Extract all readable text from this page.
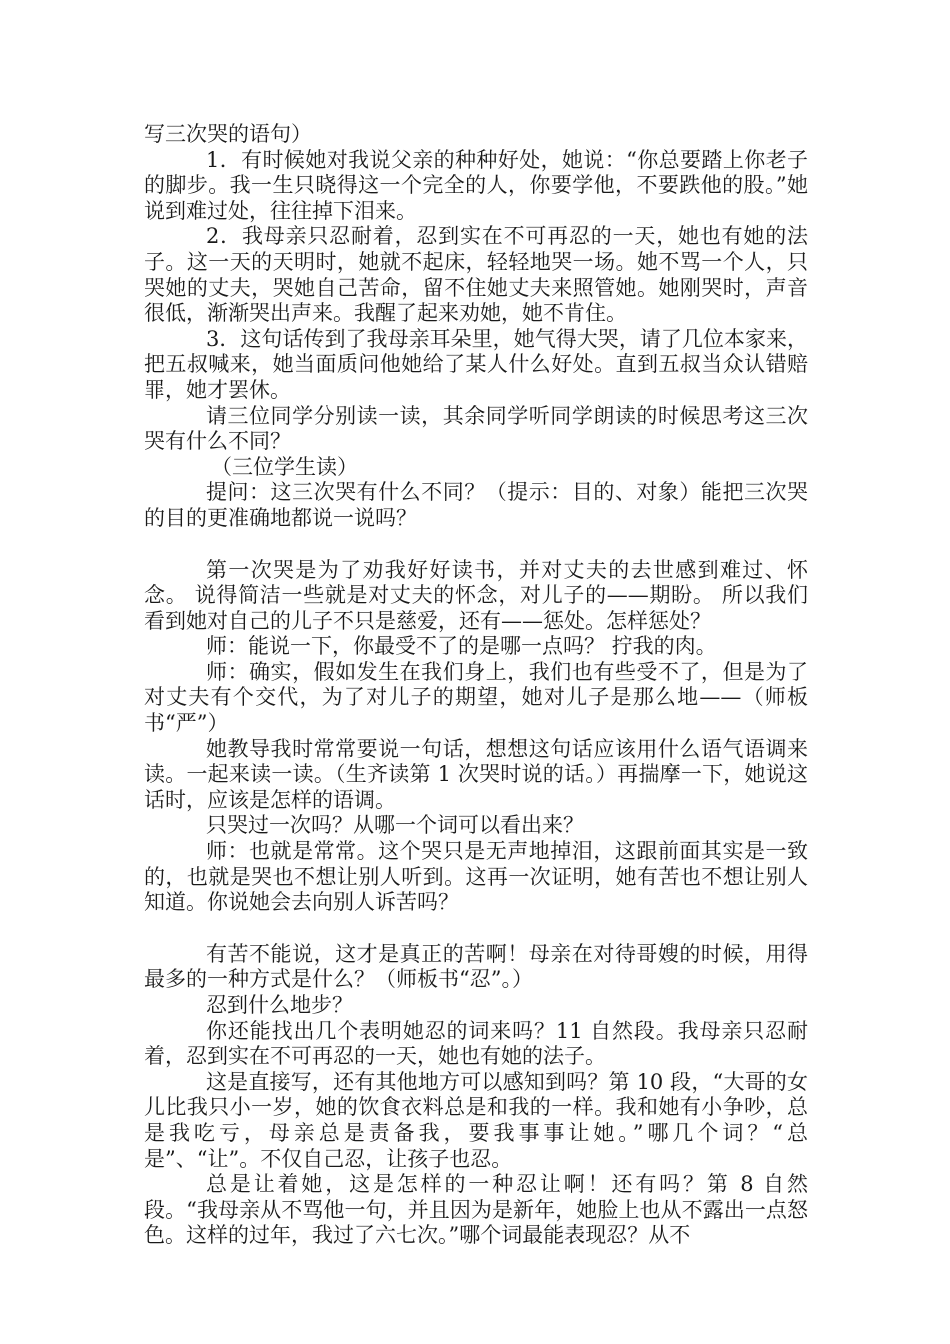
写三次哭的语句）

1．有时候她对我说父亲的种种好处，她说：“你总要踏上你老子的脚步。我一生只晓得这一个完全的人，你要学他，不要跌他的股。”她说到难过处，往往掉下泪来。

2．我母亲只忍耐着，忍到实在不可再忍的一天，她也有她的法子。这一天的天明时，她就不起床，轻轻地哭一场。她不骂一个人，只哭她的丈夫，哭她自己苦命，留不住她丈夫来照管她。她刚哭时，声音很低，渐渐哭出声来。我醒了起来劝她，她不肯住。

3．这句话传到了我母亲耳朵里，她气得大哭，请了几位本家来，把五叔喊来，她当面质问他她给了某人什么好处。直到五叔当众认错赔罪，她才罢休。

请三位同学分别读一读，其余同学听同学朗读的时候思考这三次哭有什么不同？

（三位学生读）

提问：这三次哭有什么不同？（提示：目的、对象）能把三次哭的目的更准确地都说一说吗？

第一次哭是为了劝我好好读书，并对丈夫的去世感到难过、怀念。 说得简洁一些就是对丈夫的怀念，对儿子的——期盼。 所以我们看到她对自己的儿子不只是慈爱，还有——惩处。怎样惩处？

师：能说一下，你最受不了的是哪一点吗？ 拧我的肉。

师：确实，假如发生在我们身上，我们也有些受不了，但是为了对丈夫有个交代，为了对儿子的期望，她对儿子是那么地——（师板书“严”）

她教导我时常常要说一句话，想想这句话应该用什么语气语调来读。一起来读一读。（生齐读第 1 次哭时说的话。）再揣摩一下，她说这话时，应该是怎样的语调。

只哭过一次吗？从哪一个词可以看出来？

师：也就是常常。这个哭只是无声地掉泪，这跟前面其实是一致的，也就是哭也不想让别人听到。这再一次证明，她有苦也不想让别人知道。你说她会去向别人诉苦吗？

有苦不能说，这才是真正的苦啊！母亲在对待哥嫂的时候，用得最多的一种方式是什么？（师板书“忍”。）

忍到什么地步？

你还能找出几个表明她忍的词来吗？11 自然段。我母亲只忍耐着，忍到实在不可再忍的一天，她也有她的法子。

这是直接写，还有其他地方可以感知到吗？第 10 段，“大哥的女儿比我只小一岁，她的饮食衣料总是和我的一样。我和她有小争吵，总是我吃亏，母亲总是责备我，要我事事让她。”哪几个词？“总是”、“让”。不仅自己忍，让孩子也忍。

总是让着她，这是怎样的一种忍让啊！还有吗？第 8 自然段。“我母亲从不骂他一句，并且因为是新年，她脸上也从不露出一点怒色。这样的过年，我过了六七次。”哪个词最能表现忍？从不
